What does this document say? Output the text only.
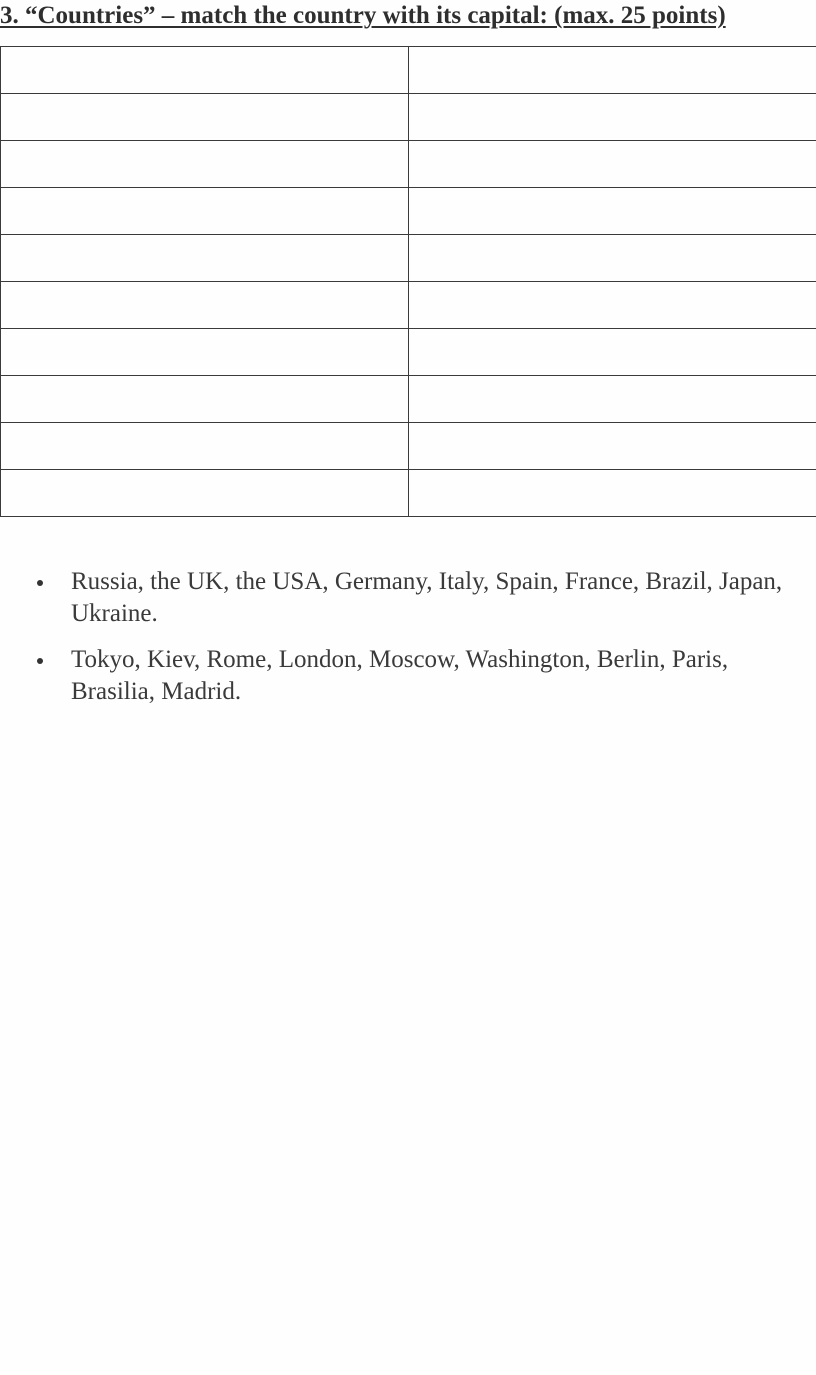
3. “Countries” – match the country with its capital: (max. 25 points)

Russia, the UK, the USA, Germany, Italy, Spain, France, Brazil, Japan, Ukraine.
Tokyo, Kiev, Rome, London, Moscow, Washington, Berlin, Paris, Brasilia, Madrid.
